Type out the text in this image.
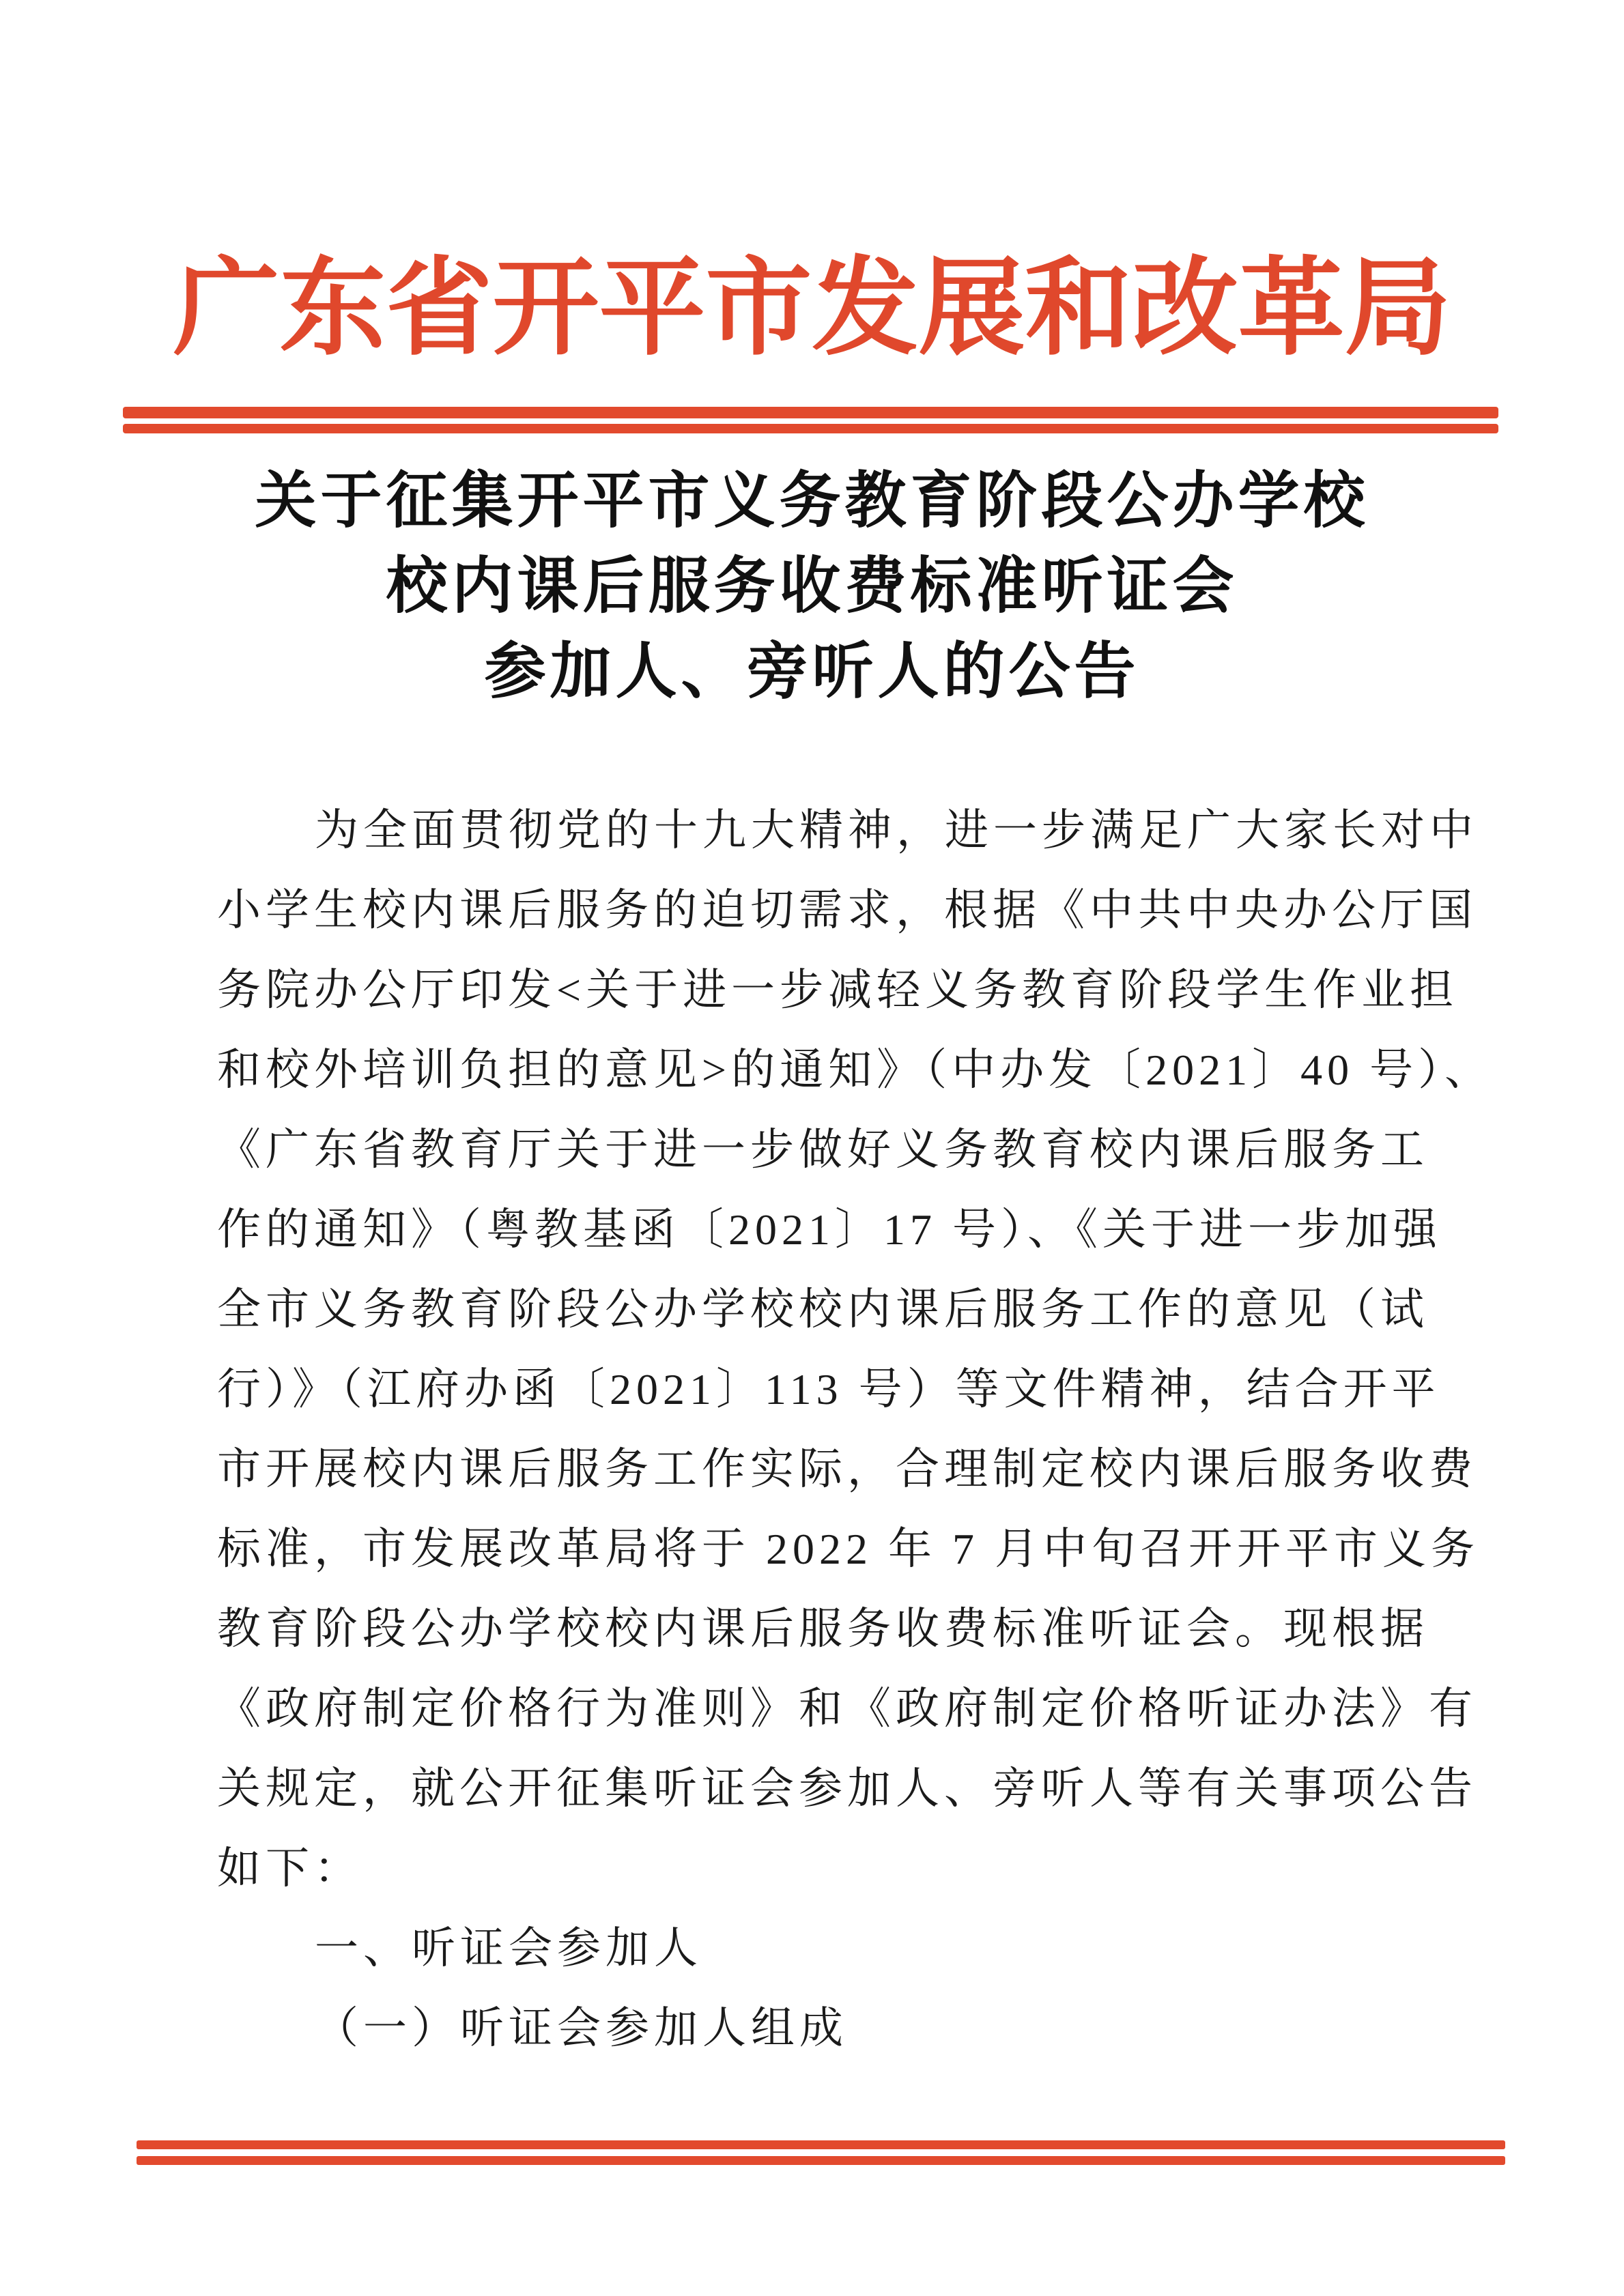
广东省开平市发展和改革局
关于征集开平市义务教育阶段公办学校
校内课后服务收费标准听证会
参加人、旁听人的公告
为全面贯彻党的十九大精神，进一步满足广大家长对中
小学生校内课后服务的迫切需求，根据《中共中央办公厅国
务院办公厅印发<关于进一步减轻义务教育阶段学生作业担
和校外培训负担的意见>的通知》（中办发〔2021〕40 号）、
《广东省教育厅关于进一步做好义务教育校内课后服务工
作的通知》（粤教基函〔2021〕17 号）、《关于进一步加强
全市义务教育阶段公办学校校内课后服务工作的意见（试
行）》（江府办函〔2021〕113 号）等文件精神，结合开平
市开展校内课后服务工作实际，合理制定校内课后服务收费
标准，市发展改革局将于 2022 年 7 月中旬召开开平市义务
教育阶段公办学校校内课后服务收费标准听证会。现根据
《政府制定价格行为准则》和《政府制定价格听证办法》有
关规定，就公开征集听证会参加人、旁听人等有关事项公告
如下：
一、听证会参加人
（一）听证会参加人组成
